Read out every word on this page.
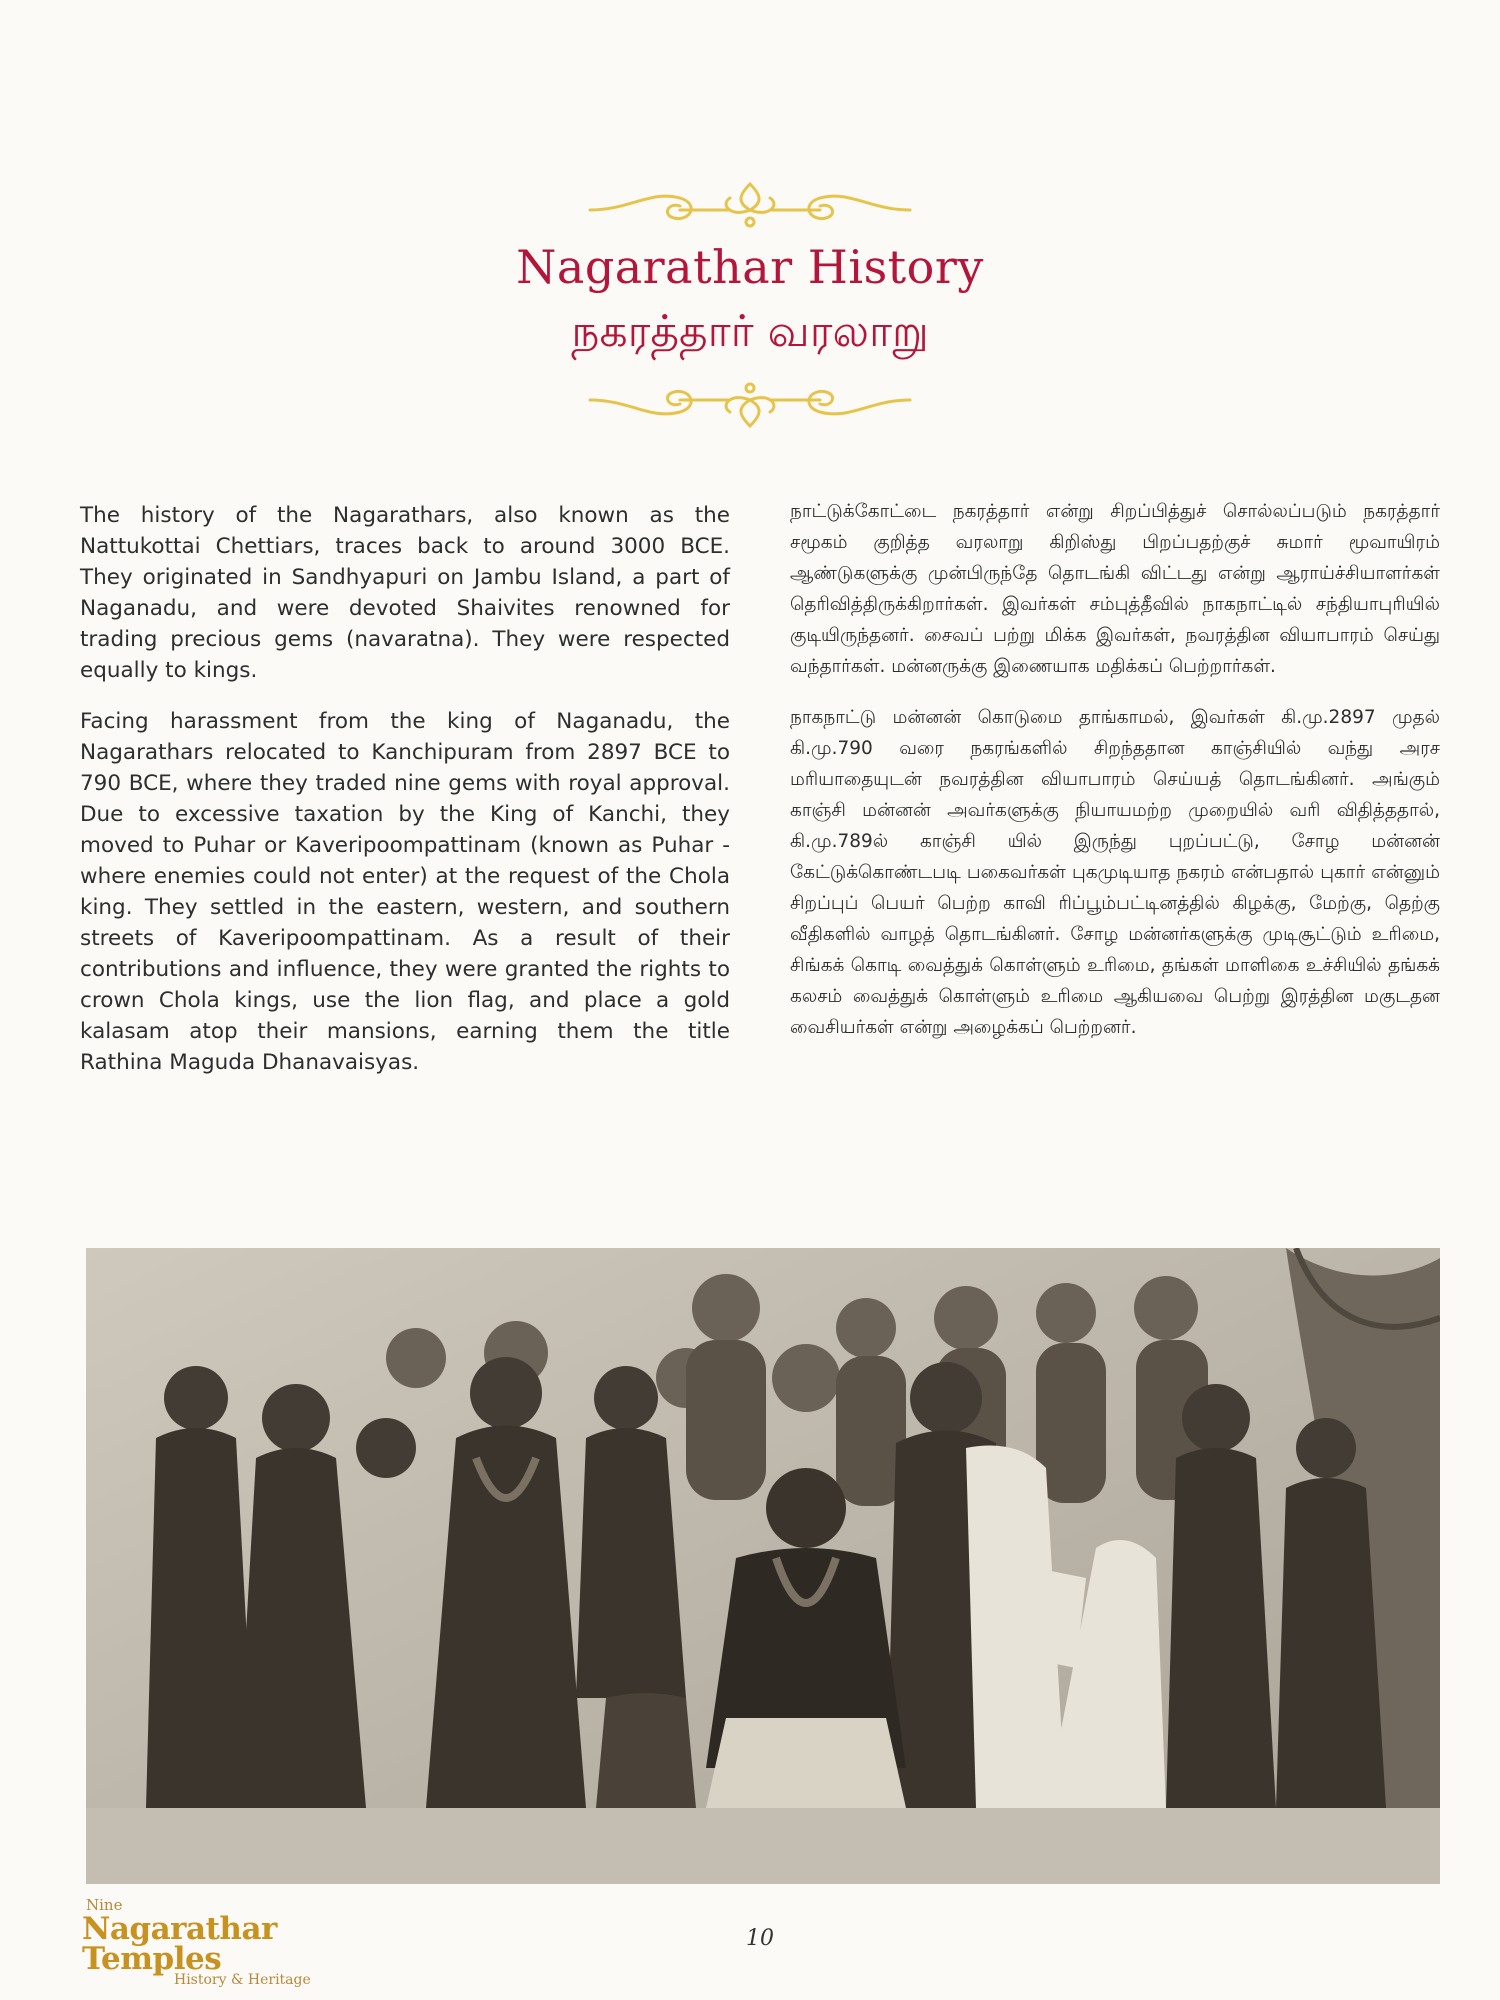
Nagarathar History
நகரத்தார் வரலாறு

The history of the Nagarathars, also known as the Nattukottai Chettiars, traces back to around 3000 BCE. They originated in Sandhyapuri on Jambu Island, a part of Naganadu, and were devoted Shaivites renowned for trading precious gems (navaratna). They were respected equally to kings.

Facing harassment from the king of Naganadu, the Nagarathars relocated to Kanchipuram from 2897 BCE to 790 BCE, where they traded nine gems with royal approval. Due to excessive taxation by the King of Kanchi, they moved to Puhar or Kaveripoompattinam (known as Puhar - where enemies could not enter) at the request of the Chola king. They settled in the eastern, western, and southern streets of Kaveripoompattinam. As a result of their contributions and influence, they were granted the rights to crown Chola kings, use the lion flag, and place a gold kalasam atop their mansions, earning them the title Rathina Maguda Dhanavaisyas.

நாட்டுக்கோட்டை நகரத்தார் என்று சிறப்பித்துச் சொல்லப்படும் நகரத்தார் சமூகம் குறித்த வரலாறு கிறிஸ்து பிறப்பதற்குச் சுமார் மூவாயிரம் ஆண்டுகளுக்கு முன்பிருந்தே தொடங்கி விட்டது என்று ஆராய்ச்சியாளர்கள் தெரிவித்திருக்கிறார்கள். இவர்கள் சம்புத்தீவில் நாகநாட்டில் சந்தியாபுரியில் குடியிருந்தனர். சைவப் பற்று மிக்க இவர்கள், நவரத்தின வியாபாரம் செய்து வந்தார்கள். மன்னருக்கு இணையாக மதிக்கப் பெற்றார்கள்.

நாகநாட்டு மன்னன் கொடுமை தாங்காமல், இவர்கள் கி.மு.2897 முதல் கி.மு.790 வரை நகரங்களில் சிறந்ததான காஞ்சியில் வந்து அரச மரியாதையுடன் நவரத்தின வியாபாரம் செய்யத் தொடங்கினர். அங்கும் காஞ்சி மன்னன் அவர்களுக்கு நியாயமற்ற முறையில் வரி விதித்ததால், கி.மு.789ல் காஞ்சி யில் இருந்து புறப்பட்டு, சோழ மன்னன் கேட்டுக்கொண்டபடி பகைவர்கள் புகமுடியாத நகரம் என்பதால் புகார் என்னும் சிறப்புப் பெயர் பெற்ற காவி ரிப்பூம்பட்டினத்தில் கிழக்கு, மேற்கு, தெற்கு வீதிகளில் வாழத் தொடங்கினர். சோழ மன்னர்களுக்கு முடிசூட்டும் உரிமை, சிங்கக் கொடி வைத்துக் கொள்ளும் உரிமை, தங்கள் மாளிகை உச்சியில் தங்கக் கலசம் வைத்துக் கொள்ளும் உரிமை ஆகியவை பெற்று இரத்தின மகுடதன வைசியர்கள் என்று அழைக்கப் பெற்றனர்.

Nine
Nagarathar Temples
History & Heritage
10
